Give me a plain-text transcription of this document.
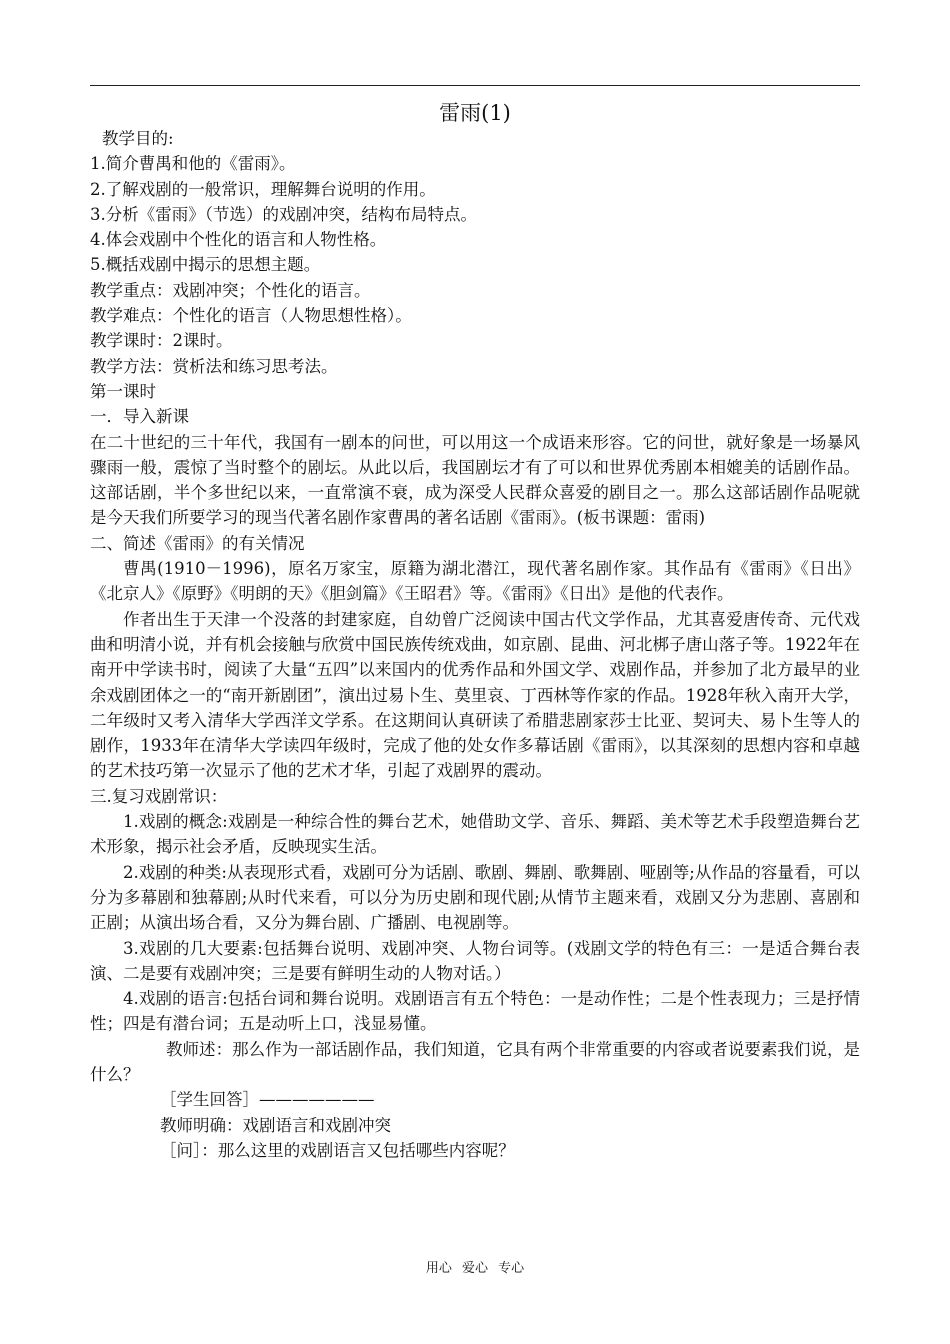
雷雨(1)
教学目的:
1.简介曹禺和他的《雷雨》。
2.了解戏剧的一般常识，理解舞台说明的作用。
3.分析《雷雨》（节选）的戏剧冲突，结构布局特点。
4.体会戏剧中个性化的语言和人物性格。
5.概括戏剧中揭示的思想主题。
教学重点：戏剧冲突；个性化的语言。
教学难点：个性化的语言（人物思想性格）。
教学课时：2课时。
教学方法：赏析法和练习思考法。
第一课时
一．导入新课
在二十世纪的三十年代，我国有一剧本的问世，可以用这一个成语来形容。它的问世，就好象是一场暴风骤雨一般，震惊了当时整个的剧坛。从此以后，我国剧坛才有了可以和世界优秀剧本相媲美的话剧作品。这部话剧，半个多世纪以来，一直常演不衰，成为深受人民群众喜爱的剧目之一。那么这部话剧作品呢就是今天我们所要学习的现当代著名剧作家曹禺的著名话剧《雷雨》。(板书课题：雷雨)
二、简述《雷雨》的有关情况
曹禺(1910－1996)，原名万家宝，原籍为湖北潜江，现代著名剧作家。其作品有《雷雨》《日出》《北京人》《原野》《明朗的天》《胆剑篇》《王昭君》等。《雷雨》《日出》是他的代表作。
作者出生于天津一个没落的封建家庭，自幼曾广泛阅读中国古代文学作品，尤其喜爱唐传奇、元代戏曲和明清小说，并有机会接触与欣赏中国民族传统戏曲，如京剧、昆曲、河北梆子唐山落子等。1922年在南开中学读书时，阅读了大量“五四”以来国内的优秀作品和外国文学、戏剧作品，并参加了北方最早的业余戏剧团体之一的“南开新剧团”，演出过易卜生、莫里哀、丁西林等作家的作品。1928年秋入南开大学，二年级时又考入清华大学西洋文学系。在这期间认真研读了希腊悲剧家莎士比亚、契诃夫、易卜生等人的剧作，1933年在清华大学读四年级时，完成了他的处女作多幕话剧《雷雨》，以其深刻的思想内容和卓越的艺术技巧第一次显示了他的艺术才华，引起了戏剧界的震动。
三.复习戏剧常识：
1.戏剧的概念:戏剧是一种综合性的舞台艺术，她借助文学、音乐、舞蹈、美术等艺术手段塑造舞台艺术形象，揭示社会矛盾，反映现实生活。
2.戏剧的种类:从表现形式看，戏剧可分为话剧、歌剧、舞剧、歌舞剧、哑剧等;从作品的容量看，可以分为多幕剧和独幕剧;从时代来看，可以分为历史剧和现代剧;从情节主题来看，戏剧又分为悲剧、喜剧和正剧；从演出场合看，又分为舞台剧、广播剧、电视剧等。
3.戏剧的几大要素:包括舞台说明、戏剧冲突、人物台词等。(戏剧文学的特色有三：一是适合舞台表演、二是要有戏剧冲突；三是要有鲜明生动的人物对话。）
4.戏剧的语言:包括台词和舞台说明。戏剧语言有五个特色：一是动作性；二是个性表现力；三是抒情性；四是有潜台词；五是动听上口，浅显易懂。
教师述：那么作为一部话剧作品，我们知道，它具有两个非常重要的内容或者说要素我们说，是什么？
［学生回答］———————
教师明确：戏剧语言和戏剧冲突
［问］：那么这里的戏剧语言又包括哪些内容呢？
用心 爱心 专心
